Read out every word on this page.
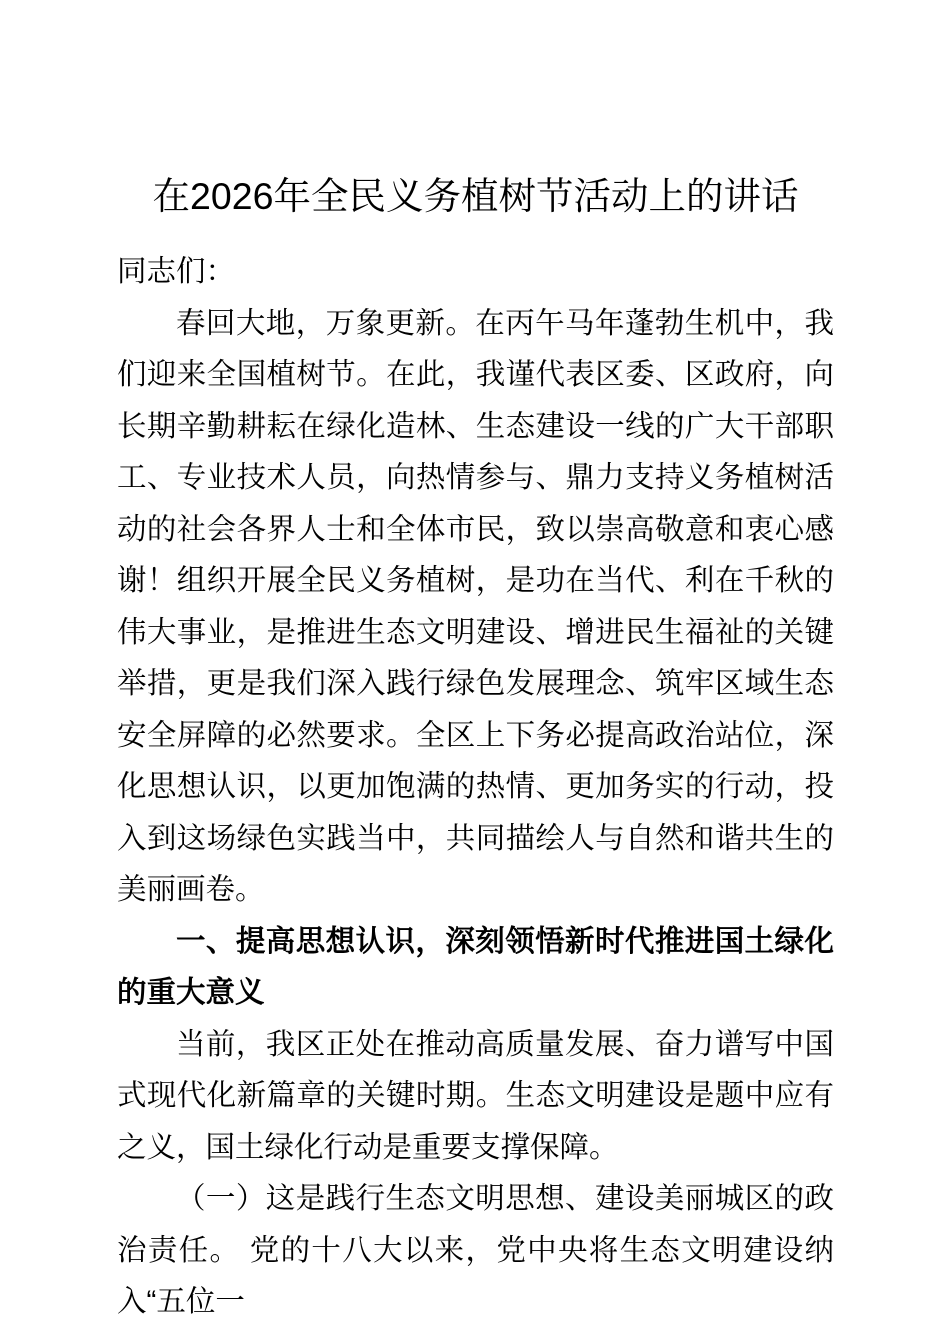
在2026年全民义务植树节活动上的讲话

同志们：

春回大地，万象更新。在丙午马年蓬勃生机中，我们迎来全国植树节。在此，我谨代表区委、区政府，向长期辛勤耕耘在绿化造林、生态建设一线的广大干部职工、专业技术人员，向热情参与、鼎力支持义务植树活动的社会各界人士和全体市民，致以崇高敬意和衷心感谢！组织开展全民义务植树，是功在当代、利在千秋的伟大事业，是推进生态文明建设、增进民生福祉的关键举措，更是我们深入践行绿色发展理念、筑牢区域生态安全屏障的必然要求。全区上下务必提高政治站位，深化思想认识，以更加饱满的热情、更加务实的行动，投入到这场绿色实践当中，共同描绘人与自然和谐共生的美丽画卷。

一、提高思想认识，深刻领悟新时代推进国土绿化的重大意义

当前，我区正处在推动高质量发展、奋力谱写中国式现代化新篇章的关键时期。生态文明建设是题中应有之义，国土绿化行动是重要支撑保障。

（一）这是践行生态文明思想、建设美丽城区的政治责任。 党的十八大以来，党中央将生态文明建设纳入“五位一
